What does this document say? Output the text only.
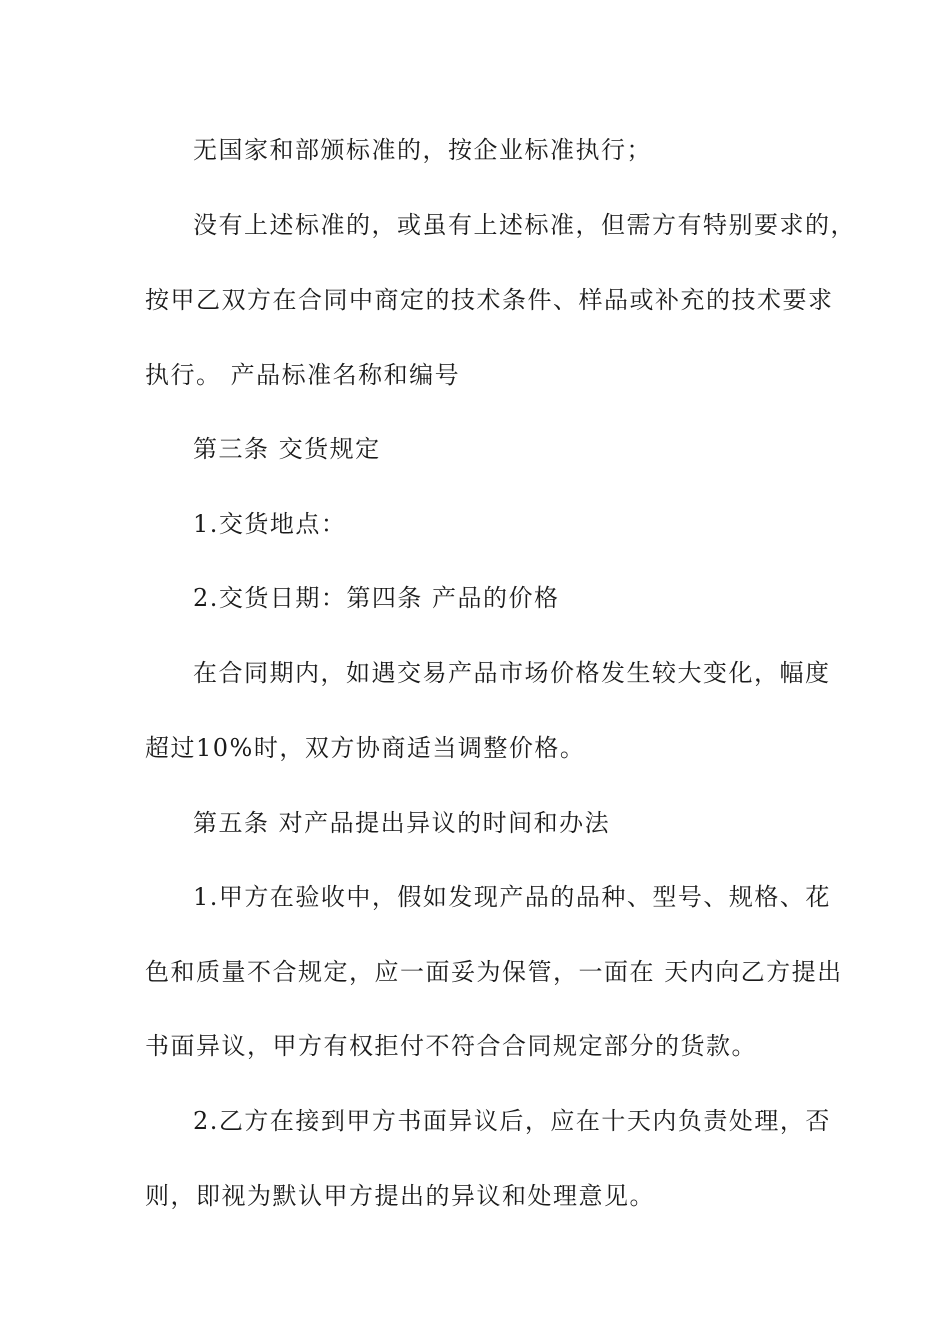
无国家和部颁标准的，按企业标准执行；
没有上述标准的，或虽有上述标准，但需方有特别要求的，
按甲乙双方在合同中商定的技术条件、样品或补充的技术要求
执行。 产品标准名称和编号
第三条 交货规定
1.交货地点：
2.交货日期：第四条 产品的价格
在合同期内，如遇交易产品市场价格发生较大变化，幅度
超过10%时，双方协商适当调整价格。
第五条 对产品提出异议的时间和办法
1.甲方在验收中，假如发现产品的品种、型号、规格、花
色和质量不合规定，应一面妥为保管，一面在 天内向乙方提出
书面异议，甲方有权拒付不符合合同规定部分的货款。
2.乙方在接到甲方书面异议后，应在十天内负责处理，否
则，即视为默认甲方提出的异议和处理意见。
